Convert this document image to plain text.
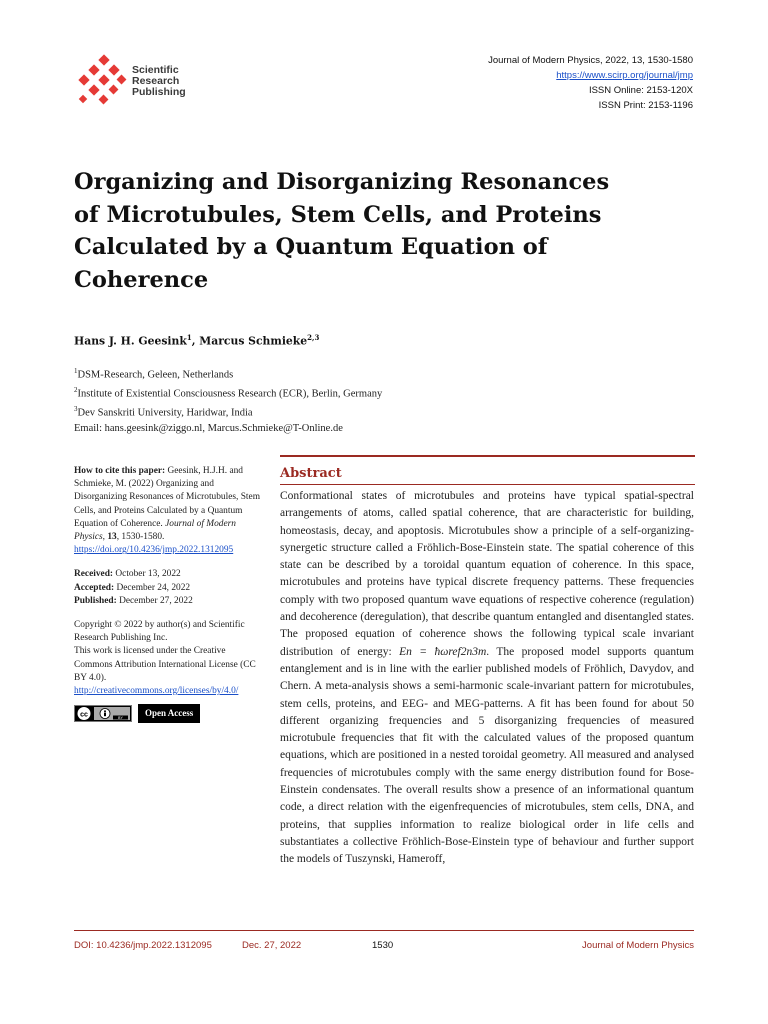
Scientific
Research
Publishing
Journal of Modern Physics, 2022, 13, 1530-1580
https://www.scirp.org/journal/jmp
ISSN Online: 2153-120X
ISSN Print: 2153-1196
Organizing and Disorganizing Resonances
of Microtubules, Stem Cells, and Proteins
Calculated by a Quantum Equation of
Coherence
Hans J. H. Geesink$^1$, Marcus Schmieke$^{2,3}$
$^1$DSM-Research, Geleen, Netherlands
$^2$Institute of Existential Consciousness Research (ECR), Berlin, Germany
$^3$Dev Sanskriti University, Haridwar, India
Email: hans.geesink@ziggo.nl, Marcus.Schmieke@T-Online.de

How to cite this paper: Geesink, H.J.H. and Schmieke, M. (2022) Organizing and Disorganizing Resonances of Microtubules, Stem Cells, and Proteins Calculated by a Quantum Equation of Coherence. Journal of Modern Physics, 13, 1530-1580.
https://doi.org/10.4236/jmp.2022.1312095

Received: October 13, 2022
Accepted: December 24, 2022
Published: December 27, 2022

Copyright © 2022 by author(s) and Scientific Research Publishing Inc.
This work is licensed under the Creative Commons Attribution International License (CC BY 4.0).
http://creativecommons.org/licenses/by/4.0/

cc	BY	Open Access
Abstract

Conformational states of microtubules and proteins have typical spatial-spectral arrangements of atoms, called spatial coherence, that are characteristic for building, homeostasis, decay, and apoptosis. Microtubules show a principle of a self-organizing-synergetic structure called a Fröhlich-Bose-Einstein state. The spatial coherence of this state can be described by a toroidal quantum equation of coherence. In this space, microtubules and proteins have typical discrete frequency patterns. These frequencies comply with two proposed quantum wave equations of respective coherence (regulation) and decoherence (deregulation), that describe quantum entangled and disentangled states. The proposed equation of coherence shows the following typical scale invariant distribution of energy: En = ħωref2n3m. The proposed model supports quantum entanglement and is in line with the earlier published models of Fröhlich, Davydov, and Chern. A meta-analysis shows a semi-harmonic scale-invariant pattern for microtubules, stem cells, proteins, and EEG- and MEG-patterns. A fit has been found for about 50 different organizing frequencies and 5 disorganizing frequencies of measured microtubule frequencies that fit with the calculated values of the proposed quantum equations, which are positioned in a nested toroidal geometry. All measured and analysed frequencies of microtubules comply with the same energy distribution found for Bose-Einstein condensates. The overall results show a presence of an informational quantum code, a direct relation with the eigenfrequencies of microtubules, stem cells, DNA, and proteins, that supplies information to realize biological order in life cells and substantiates a collective Fröhlich-Bose-Einstein type of behaviour and further support the models of Tuszynski, Hameroff,

DOI: 10.4236/jmp.2022.1312095	Dec. 27, 2022	1530	Journal of Modern Physics
